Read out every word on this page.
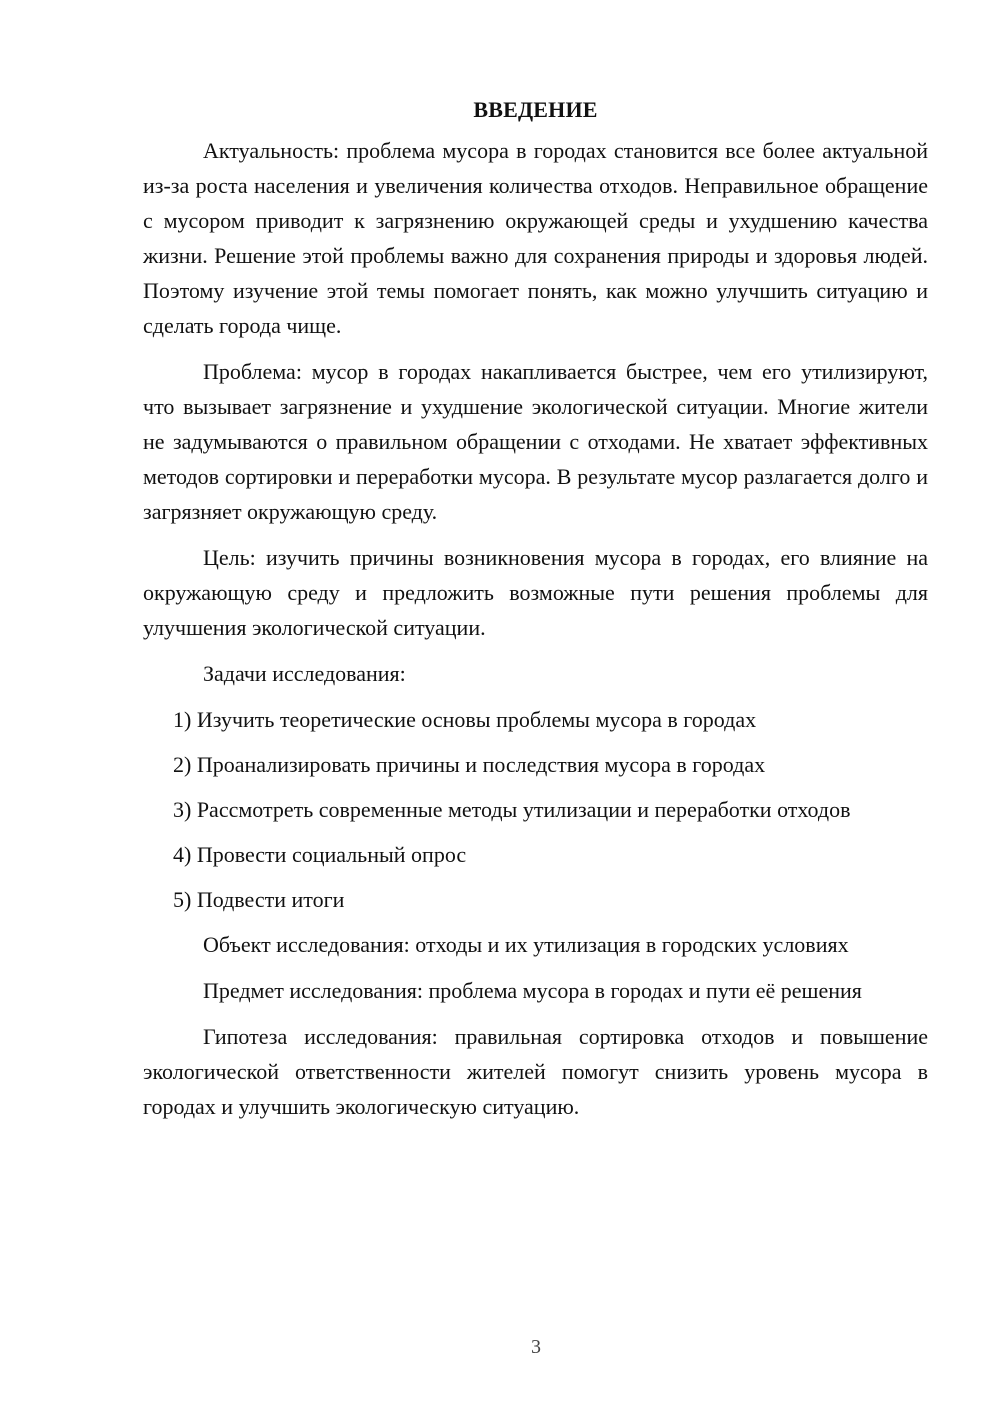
ВВЕДЕНИЕ

Актуальность: проблема мусора в городах становится все более актуальной из-за роста населения и увеличения количества отходов. Неправильное обращение с мусором приводит к загрязнению окружающей среды и ухудшению качества жизни. Решение этой проблемы важно для сохранения природы и здоровья людей. Поэтому изучение этой темы помогает понять, как можно улучшить ситуацию и сделать города чище.

Проблема: мусор в городах накапливается быстрее, чем его утилизируют, что вызывает загрязнение и ухудшение экологической ситуации. Многие жители не задумываются о правильном обращении с отходами. Не хватает эффективных методов сортировки и переработки мусора. В результате мусор разлагается долго и загрязняет окружающую среду.

Цель: изучить причины возникновения мусора в городах, его влияние на окружающую среду и предложить возможные пути решения проблемы для улучшения экологической ситуации.

Задачи исследования:

1) Изучить теоретические основы проблемы мусора в городах

2) Проанализировать причины и последствия мусора в городах

3) Рассмотреть современные методы утилизации и переработки отходов

4) Провести социальный опрос

5) Подвести итоги

Объект исследования: отходы и их утилизация в городских условиях

Предмет исследования: проблема мусора в городах и пути её решения

Гипотеза исследования: правильная сортировка отходов и повышение экологической ответственности жителей помогут снизить уровень мусора в городах и улучшить экологическую ситуацию.

3
